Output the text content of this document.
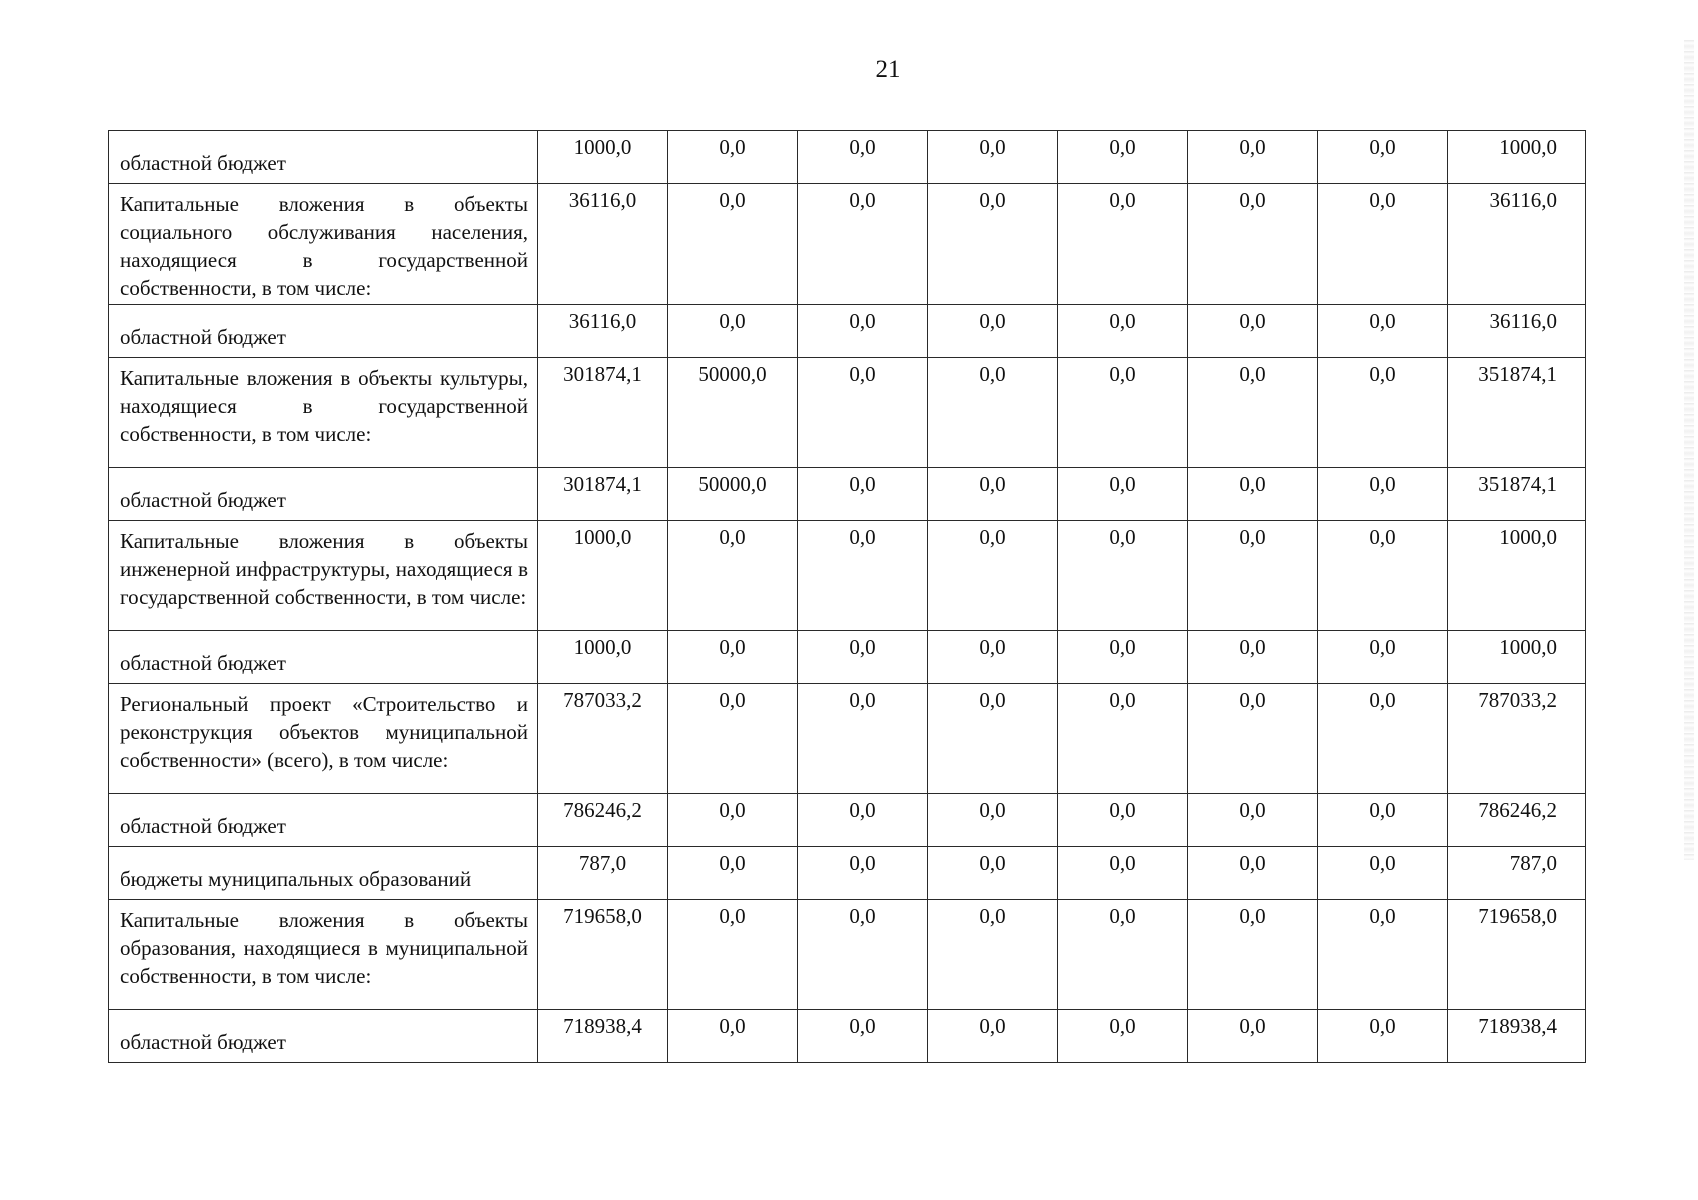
21
областной бюджет	1000,0	0,0	0,0	0,0	0,0	0,0	0,0	1000,0
Капитальные вложения в объекты социального обслуживания населения, находящиеся в государственной собственности, в том числе:	36116,0	0,0	0,0	0,0	0,0	0,0	0,0	36116,0
областной бюджет	36116,0	0,0	0,0	0,0	0,0	0,0	0,0	36116,0
Капитальные вложения в объекты культуры, находящиеся в государственной собственности, в том числе:	301874,1	50000,0	0,0	0,0	0,0	0,0	0,0	351874,1
областной бюджет	301874,1	50000,0	0,0	0,0	0,0	0,0	0,0	351874,1
Капитальные вложения в объекты инженерной инфраструктуры, находящиеся в государственной собственности, в том числе:	1000,0	0,0	0,0	0,0	0,0	0,0	0,0	1000,0
областной бюджет	1000,0	0,0	0,0	0,0	0,0	0,0	0,0	1000,0
Региональный проект «Строительство и реконструкция объектов муниципальной собственности» (всего), в том числе:	787033,2	0,0	0,0	0,0	0,0	0,0	0,0	787033,2
областной бюджет	786246,2	0,0	0,0	0,0	0,0	0,0	0,0	786246,2
бюджеты муниципальных образований	787,0	0,0	0,0	0,0	0,0	0,0	0,0	787,0
Капитальные вложения в объекты образования, находящиеся в муниципальной собственности, в том числе:	719658,0	0,0	0,0	0,0	0,0	0,0	0,0	719658,0
областной бюджет	718938,4	0,0	0,0	0,0	0,0	0,0	0,0	718938,4
